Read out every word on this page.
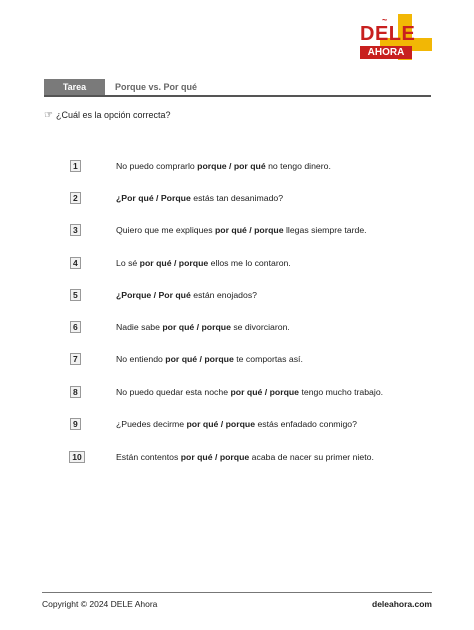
~
DELE
AHORA
Tarea	Porque vs. Por qué
☞ ¿Cuál es la opción correcta?
1	No puedo comprarlo porque / por qué no tengo dinero.
2	¿Por qué / Porque estás tan desanimado?
3	Quiero que me expliques por qué / porque llegas siempre tarde.
4	Lo sé por qué / porque ellos me lo contaron.
5	¿Porque / Por qué están enojados?
6	Nadie sabe por qué / porque se divorciaron.
7	No entiendo por qué / porque te comportas así.
8	No puedo quedar esta noche por qué / porque tengo mucho trabajo.
9	¿Puedes decirme por qué / porque estás enfadado conmigo?
10	Están contentos por qué / porque acaba de nacer su primer nieto.
Copyright © 2024 DELE Ahora	deleahora.com
